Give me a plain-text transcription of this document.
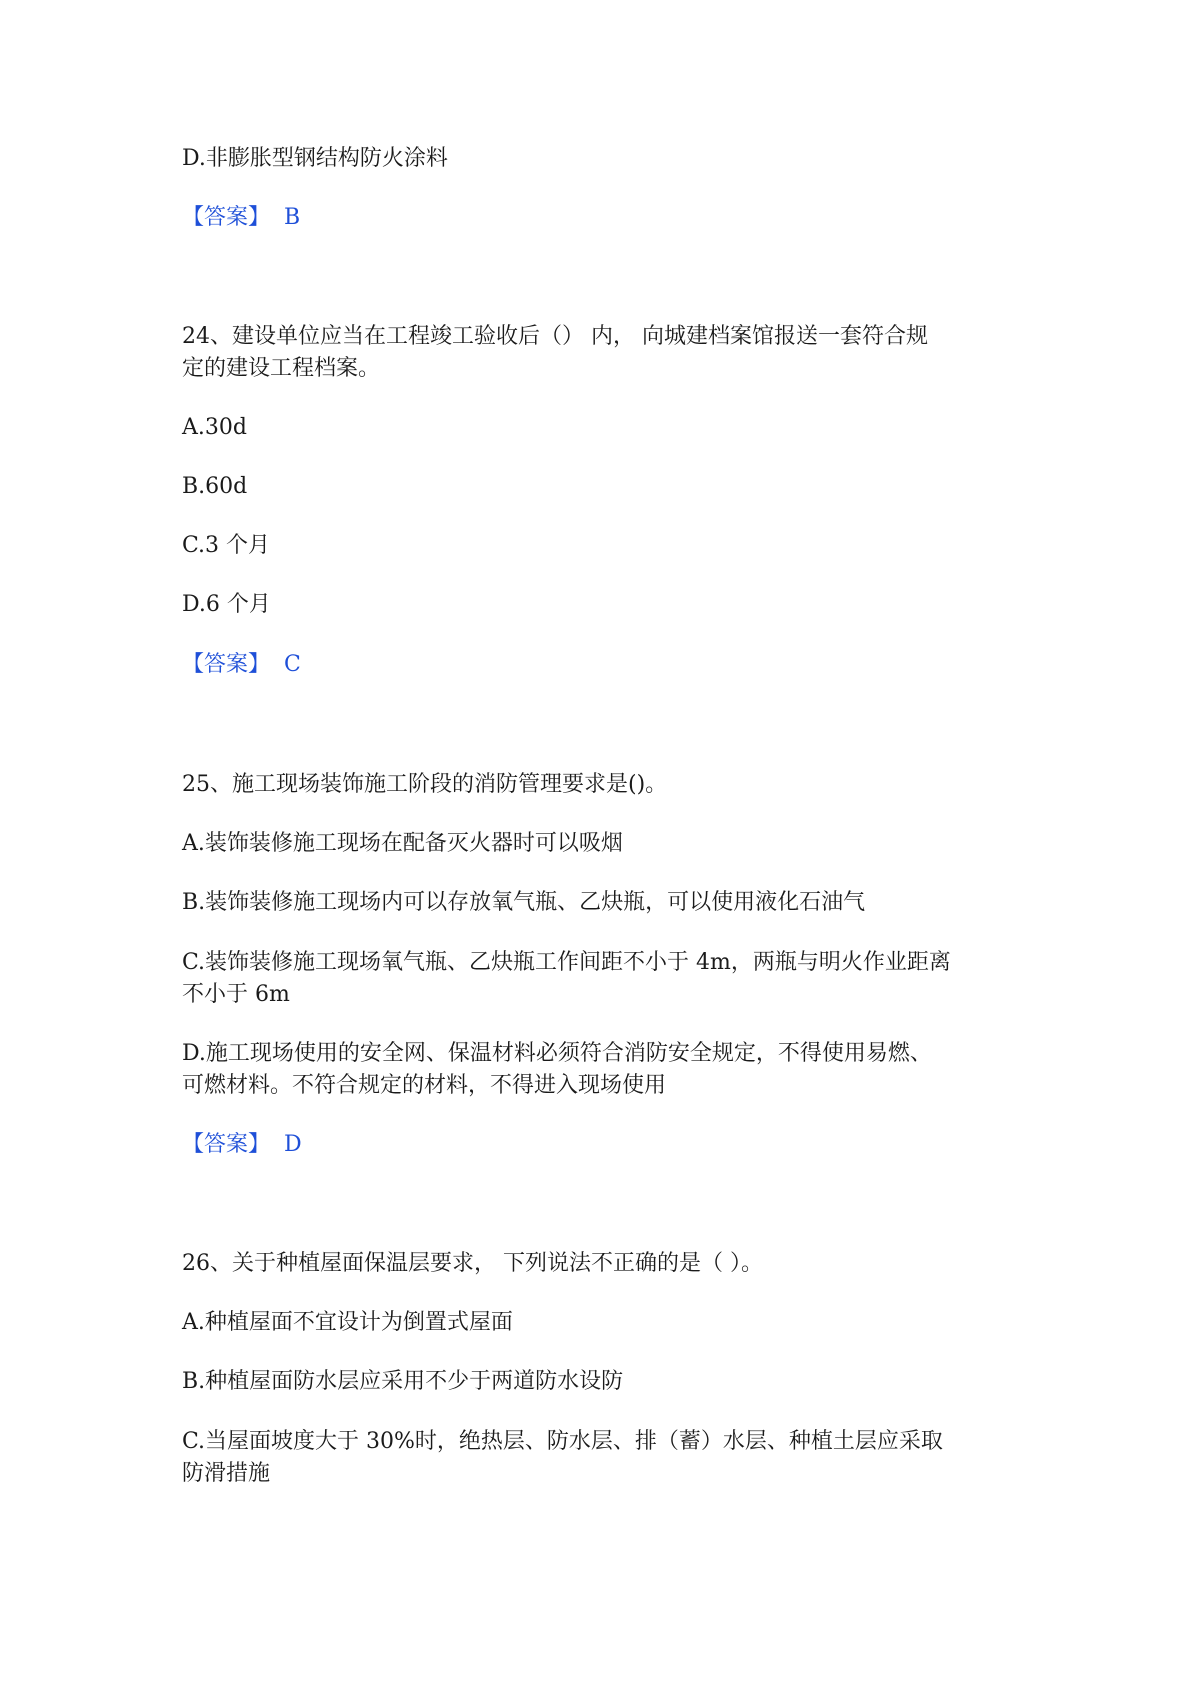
D.非膨胀型钢结构防火涂料

【答案】 B

24、建设单位应当在工程竣工验收后（） 内， 向城建档案馆报送一套符合规

定的建设工程档案。

A.30d

B.60d

C.3 个月

D.6 个月

【答案】 C

25、施工现场装饰施工阶段的消防管理要求是()。

A.装饰装修施工现场在配备灭火器时可以吸烟

B.装饰装修施工现场内可以存放氧气瓶、乙炔瓶，可以使用液化石油气

C.装饰装修施工现场氧气瓶、乙炔瓶工作间距不小于 4m，两瓶与明火作业距离

不小于 6m

D.施工现场使用的安全网、保温材料必须符合消防安全规定，不得使用易燃、

可燃材料。不符合规定的材料，不得进入现场使用

【答案】 D

26、关于种植屋面保温层要求， 下列说法不正确的是（ ）。

A.种植屋面不宜设计为倒置式屋面

B.种植屋面防水层应采用不少于两道防水设防

C.当屋面坡度大于 30%时，绝热层、防水层、排（蓄）水层、种植土层应采取

防滑措施
